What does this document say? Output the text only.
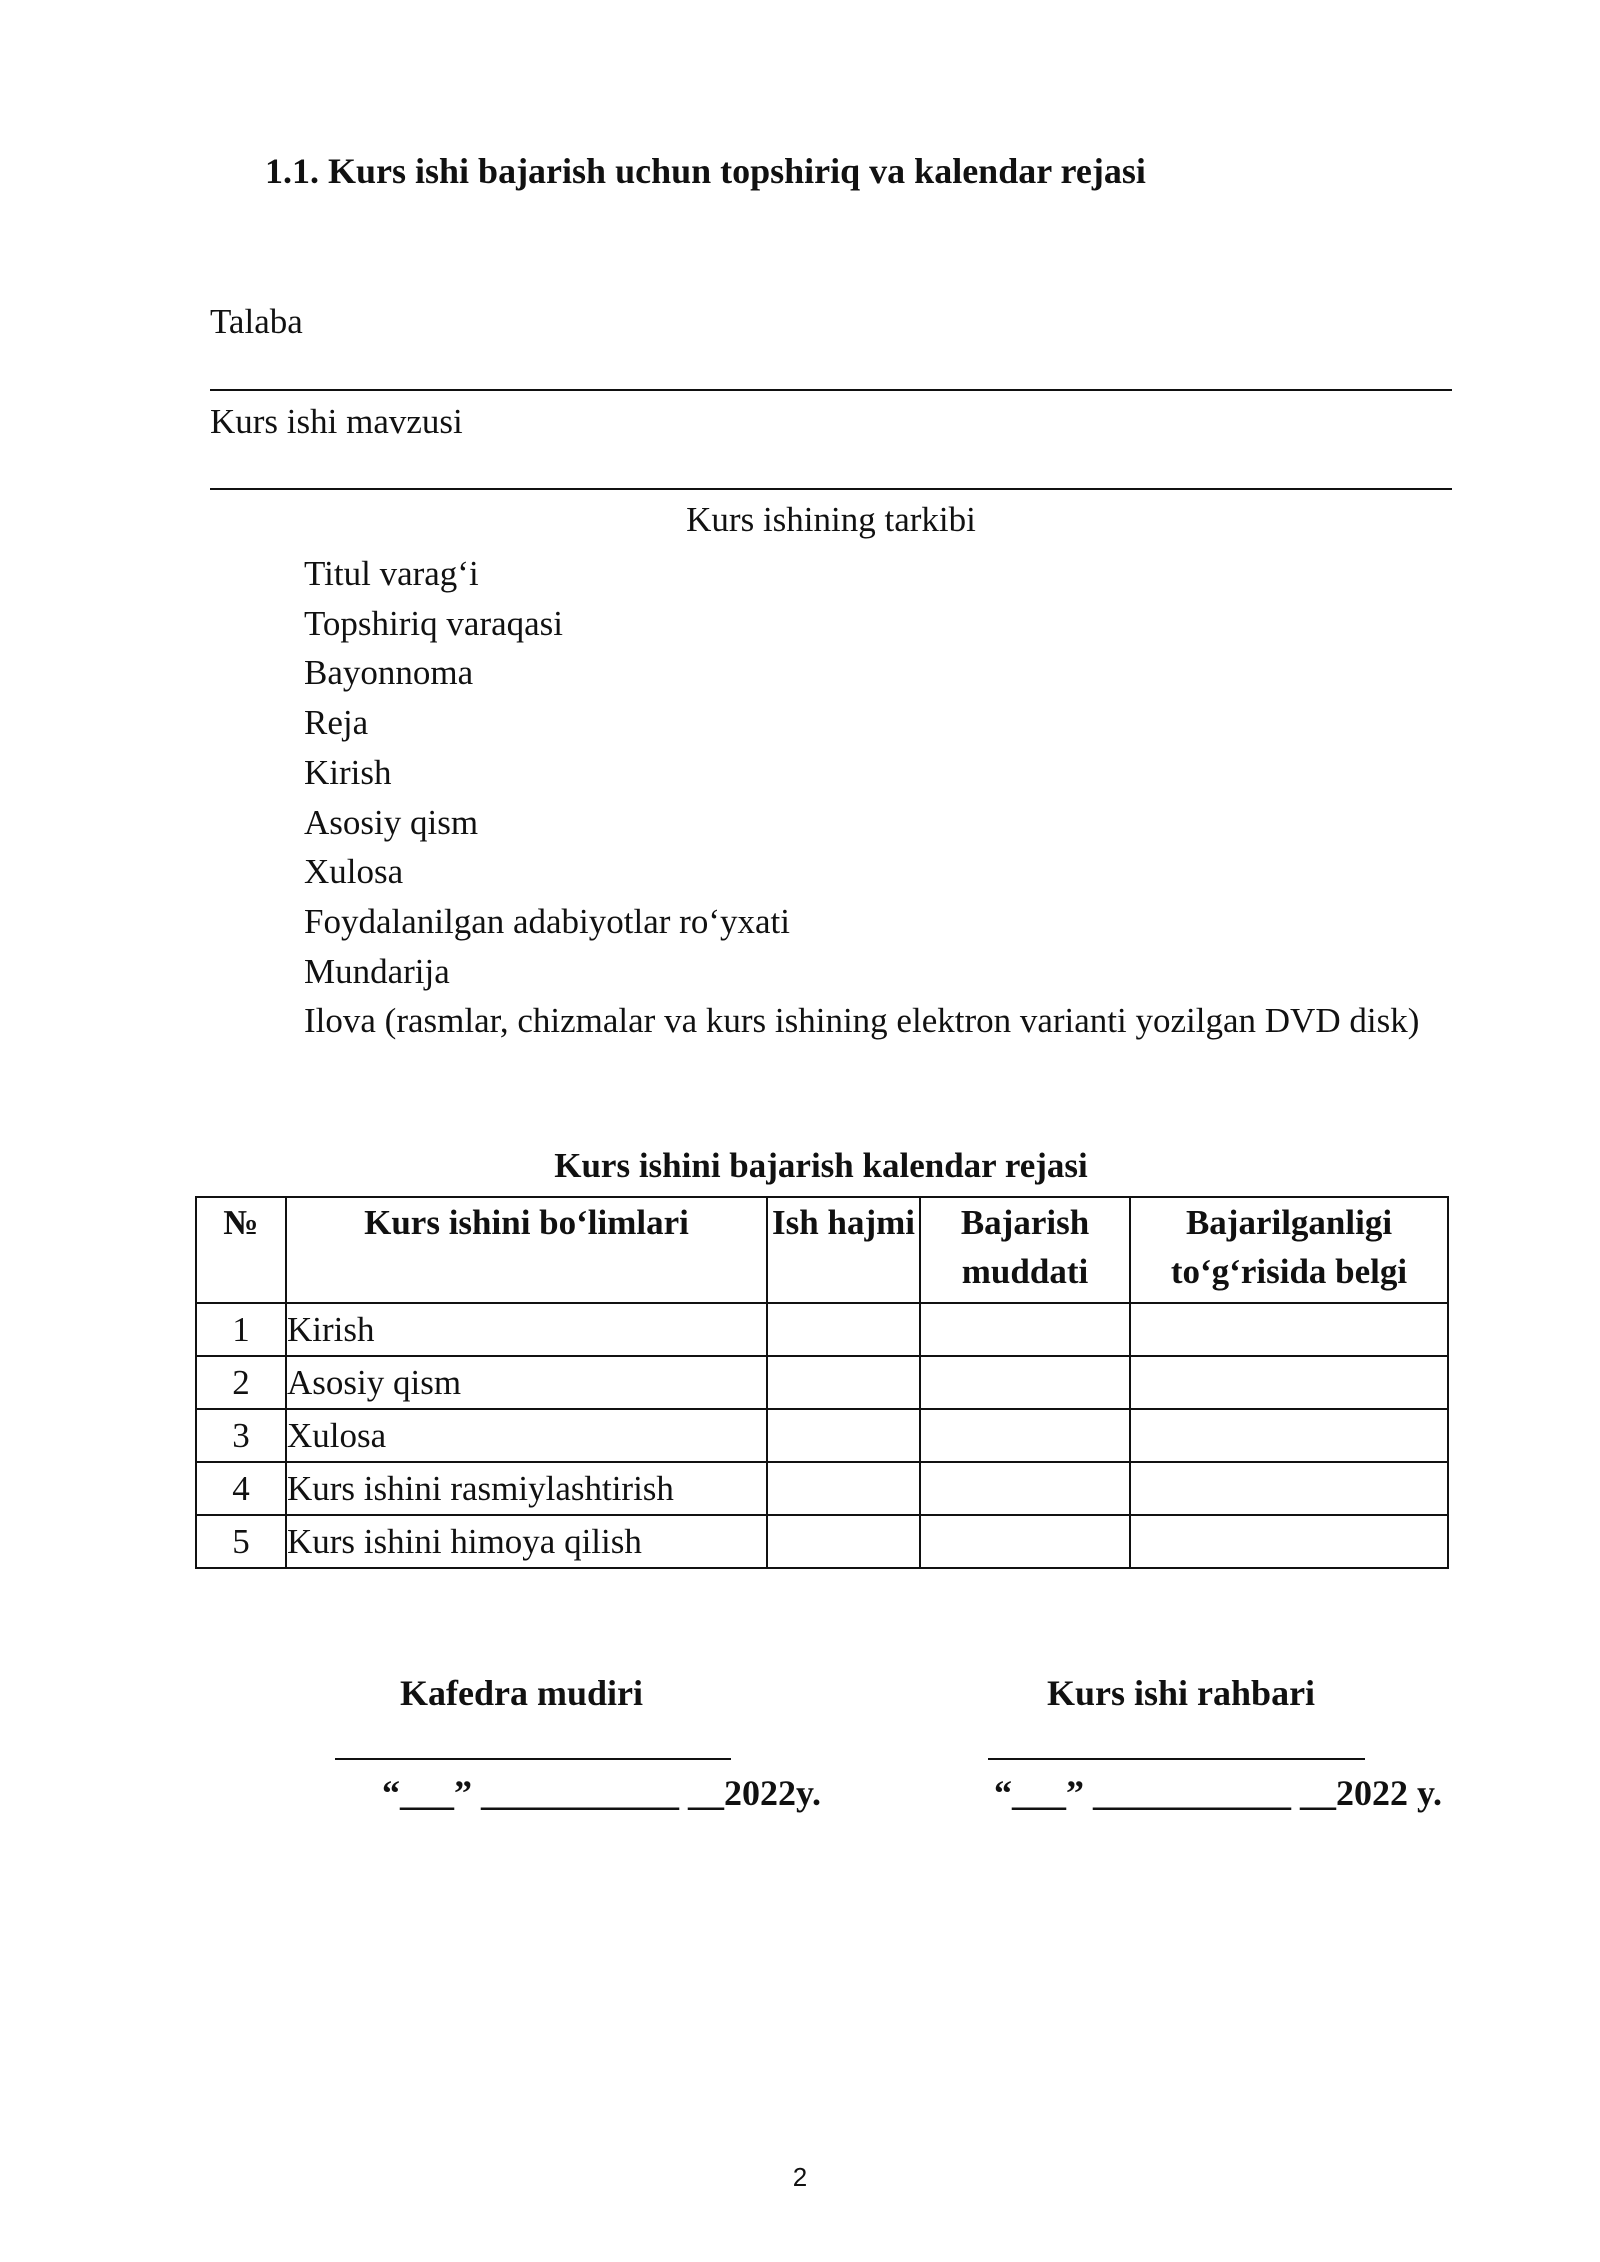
1.1. Kurs ishi bajarish uchun topshiriq va kalendar rejasi
Talaba
Kurs ishi mavzusi
Kurs ishining tarkibi
Titul varag‘i
Topshiriq varaqasi
Bayonnoma
Reja
Kirish
Asosiy qism
Xulosa
Foydalanilgan adabiyotlar ro‘yxati
Mundarija
Ilova (rasmlar, chizmalar va kurs ishining elektron varianti yozilgan DVD disk)
Kurs ishini bajarish kalendar rejasi
№	Kurs ishini bo‘limlari	Ish hajmi	Bajarish muddati	Bajarilganligi to‘g‘risida belgi
1	Kirish			
2	Asosiy qism			
3	Xulosa			
4	Kurs ishini rasmiylashtirish			
5	Kurs ishini himoya qilish			
Kafedra mudiri
“___” ___________ __2022y.
Kurs ishi rahbari
“___” ___________ __2022 y.
2
